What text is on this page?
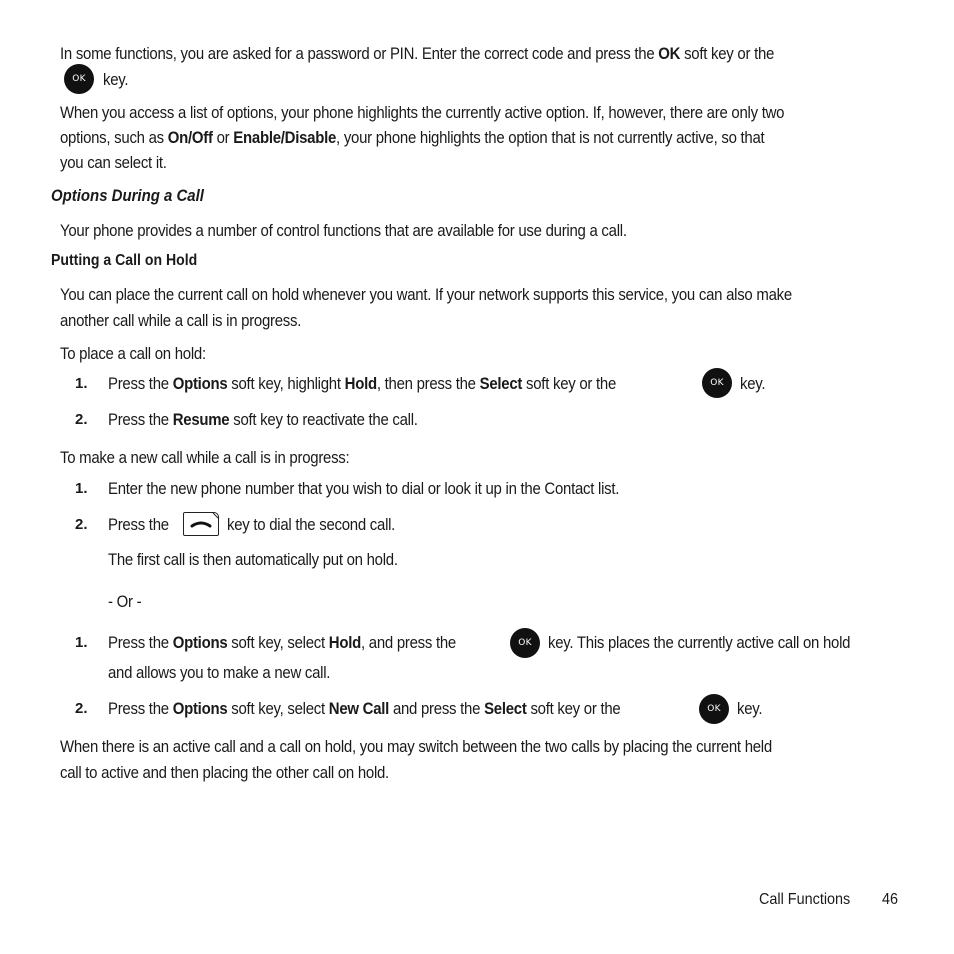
In some functions, you are asked for a password or PIN. Enter the correct code and press the OK soft key or the

OK	key.

When you access a list of options, your phone highlights the currently active option. If, however, there are only two

options, such as On/Off or Enable/Disable, your phone highlights the option that is not currently active, so that

you can select it.

Options During a Call

Your phone provides a number of control functions that are available for use during a call.

Putting a Call on Hold

You can place the current call on hold whenever you want. If your network supports this service, you can also make

another call while a call is in progress.

To place a call on hold:

1. Press the Options soft key, highlight Hold, then press the Select soft key or the	OK key.

2. Press the Resume soft key to reactivate the call.

To make a new call while a call is in progress:

1. Enter the new phone number that you wish to dial or look it up in the Contact list.

2. Press the	key to dial the second call.

The first call is then automatically put on hold.

- Or -

1. Press the Options soft key, select Hold, and press the	OK key. This places the currently active call on hold

and allows you to make a new call.

2. Press the Options soft key, select New Call and press the Select soft key or the	OK key.

When there is an active call and a call on hold, you may switch between the two calls by placing the current held

call to active and then placing the other call on hold.

Call Functions 46
